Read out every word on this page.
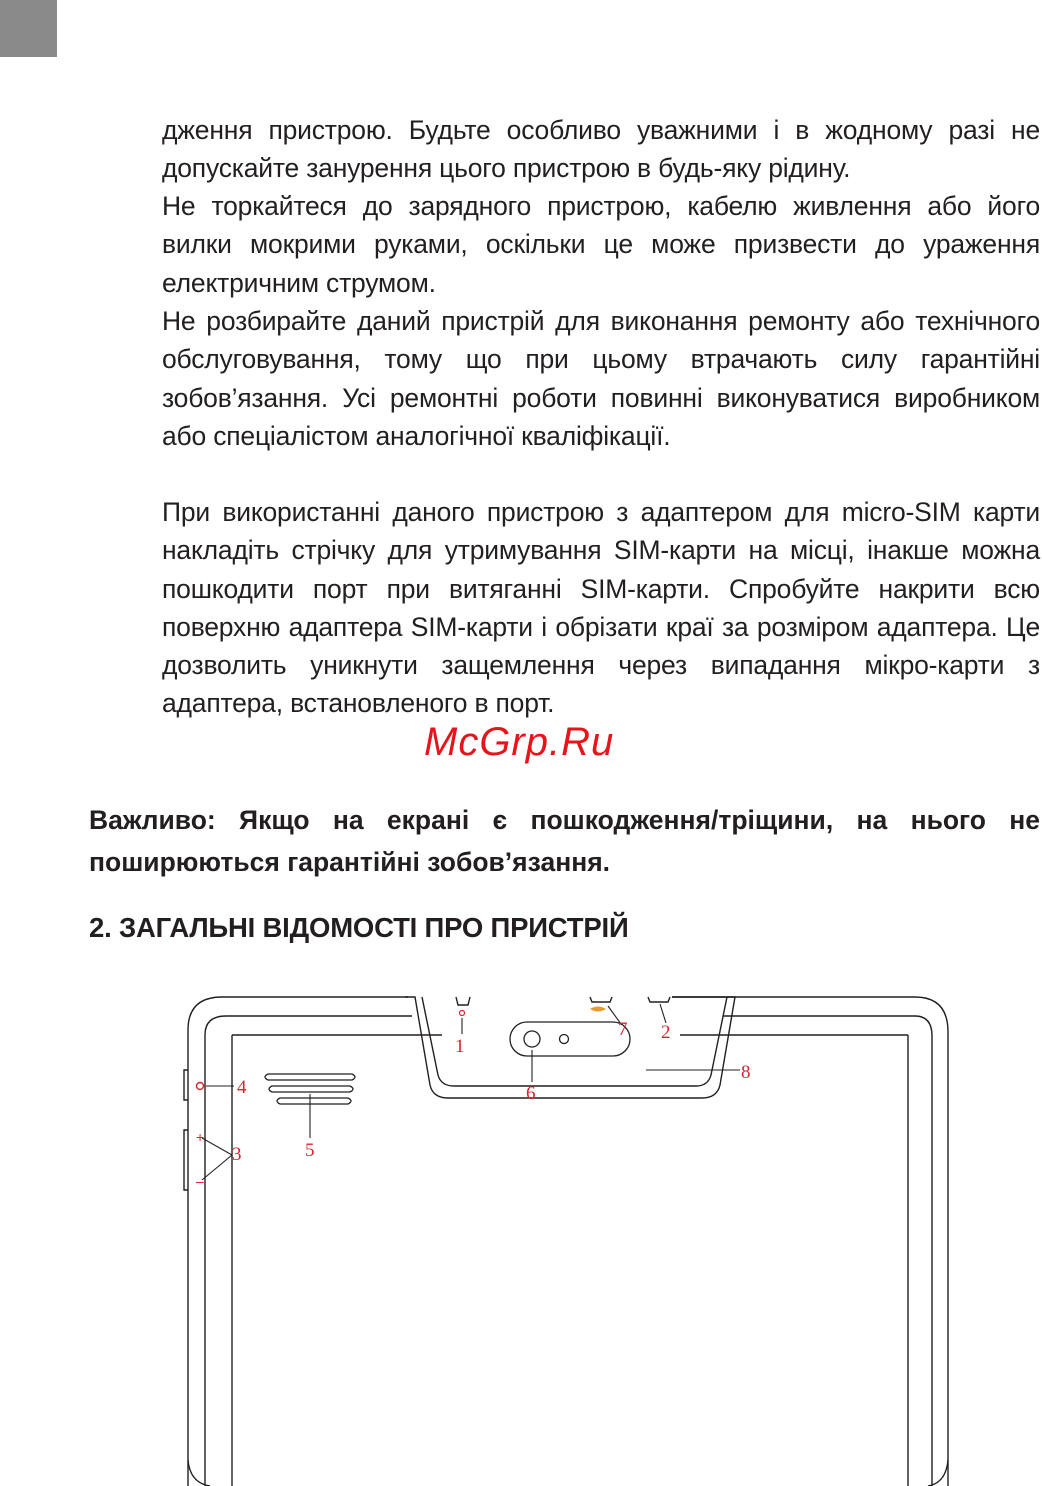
дження пристрою. Будьте особливо уважними і в жодному разі не допускайте занурення цього пристрою в будь-яку рідину.

Не торкайтеся до зарядного пристрою, кабелю живлення або його вилки мокрими руками, оскільки це може призвести до ураження електричним струмом.

Не розбирайте даний пристрій для виконання ремонту або технічного обслуговування, тому що при цьому втрачають силу гарантійні зобов’язання. Усі ремонтні роботи повинні виконуватися виробником або спеціалістом аналогічної кваліфікації.

При використанні даного пристрою з адаптером для micro-SIM карти накладіть стрічку для утримування SIM-карти на місці, інакше можна пошкодити порт при витяганні SIM-карти. Спробуйте накрити всю поверхню адаптера SIM-карти і обрізати краї за розміром адаптера. Це дозволить уникнути защемлення через випадання мікро-карти з адаптера, встановленого в порт.

McGrp.Ru

Важливо: Якщо на екрані є пошкодження/тріщини, на нього не поширюються гарантійні зобов’язання.

2. ЗАГАЛЬНІ ВІДОМОСТІ ПРО ПРИСТРІЙ
+
–
1
2
3
4
5
6
7
8
